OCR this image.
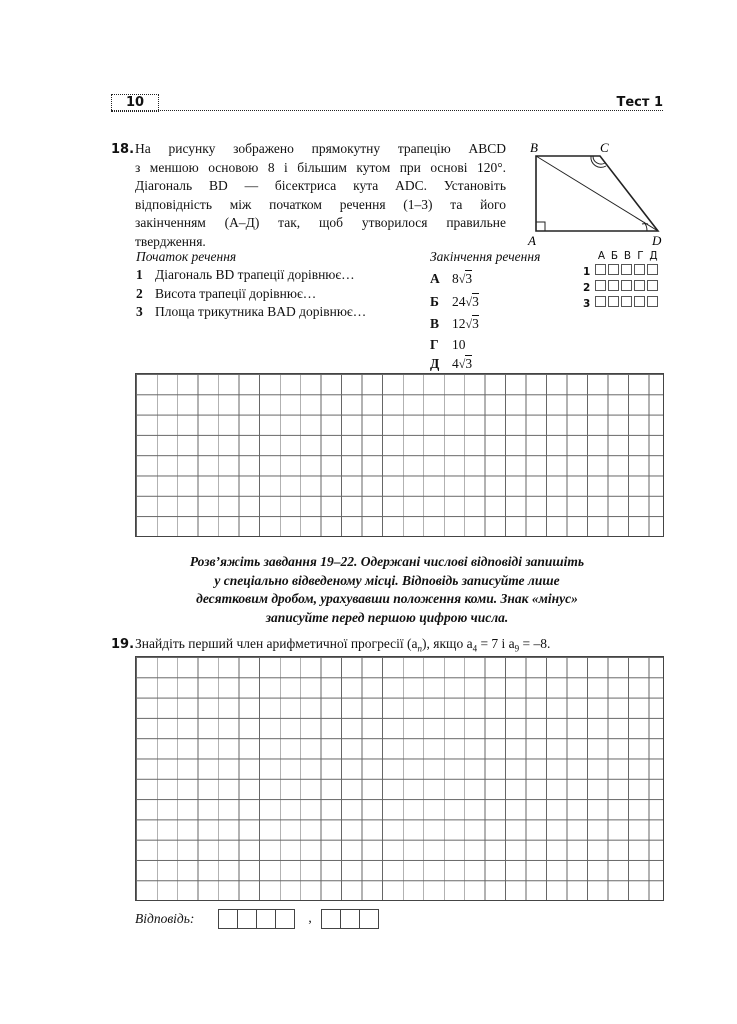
10	Тест 1
18. На рисунку зображено прямокутну трапецію ABCD
з меншою основою 8 і більшим кутом при основі 120°.
Діагональ BD — бісектриса кута ADC. Установіть
відповідність між початком речення (1–3) та його
закінченням (А–Д) так, щоб утворилося правильне
твердження.
B	C
A	D
Початок речення
1 Діагональ BD трапеції дорівнює…
2 Висота трапеції дорівнює…
3 Площа трикутника BAD дорівнює…
Закінчення речення
А 8√3
Б 24√3
В 12√3
Г 10
Д 4√3
А Б В Г Д
1
2
3
Розв’яжіть завдання 19–22. Одержані числові відповіді запишіть
у спеціально відведеному місці. Відповідь записуйте лише
десятковим дробом, урахувавши положення коми. Знак «мінус»
записуйте перед першою цифрою числа.
19. Знайдіть перший член арифметичної прогресії $(a_n)$, якщо $a_4 = 7$ і $a_9 = -8$.
Відповідь:	,
